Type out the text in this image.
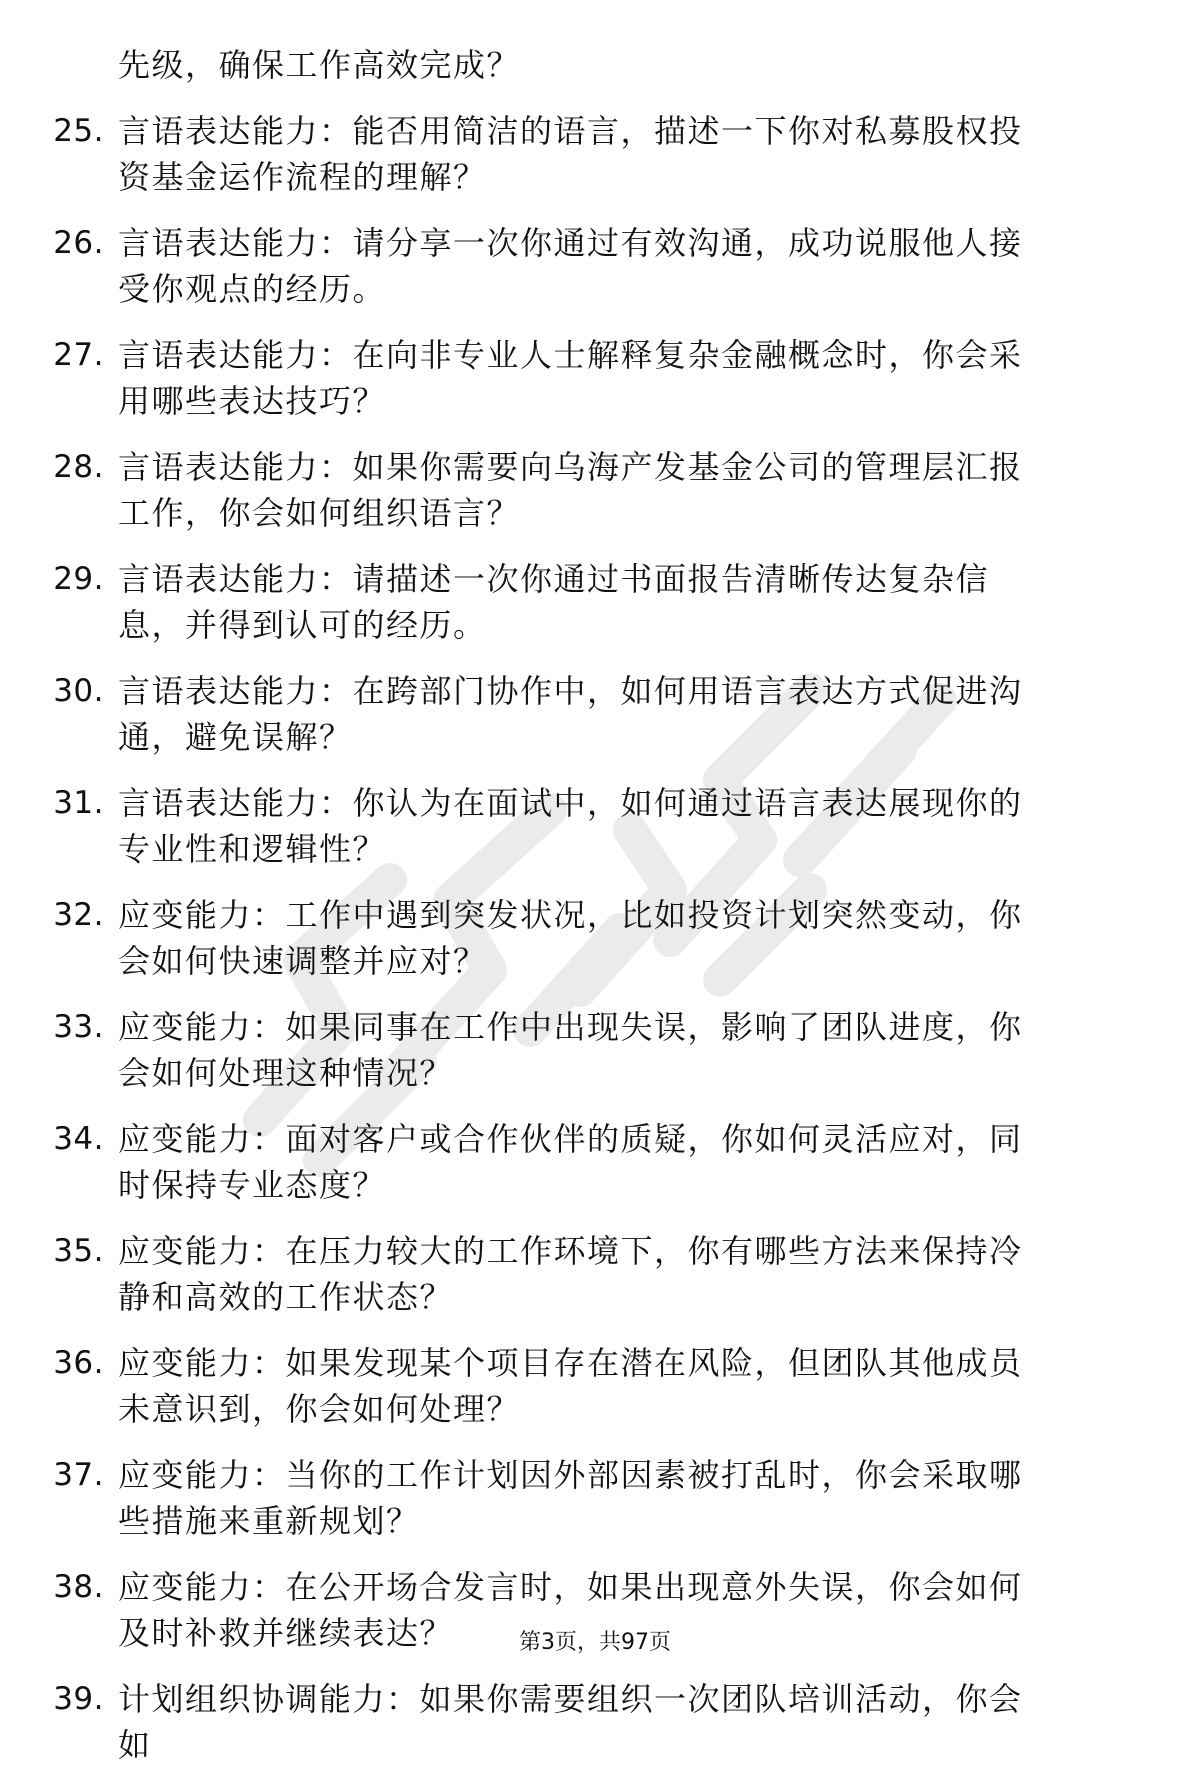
先级，确保工作高效完成？
25. 言语表达能力：能否用简洁的语言，描述一下你对私募股权投资基金运作流程的理解？
26. 言语表达能力：请分享一次你通过有效沟通，成功说服他人接受你观点的经历。
27. 言语表达能力：在向非专业人士解释复杂金融概念时，你会采用哪些表达技巧？
28. 言语表达能力：如果你需要向乌海产发基金公司的管理层汇报工作，你会如何组织语言？
29. 言语表达能力：请描述一次你通过书面报告清晰传达复杂信息，并得到认可的经历。
30. 言语表达能力：在跨部门协作中，如何用语言表达方式促进沟通，避免误解？
31. 言语表达能力：你认为在面试中，如何通过语言表达展现你的专业性和逻辑性？
32. 应变能力：工作中遇到突发状况，比如投资计划突然变动，你会如何快速调整并应对？
33. 应变能力：如果同事在工作中出现失误，影响了团队进度，你会如何处理这种情况？
34. 应变能力：面对客户或合作伙伴的质疑，你如何灵活应对，同时保持专业态度？
35. 应变能力：在压力较大的工作环境下，你有哪些方法来保持冷静和高效的工作状态？
36. 应变能力：如果发现某个项目存在潜在风险，但团队其他成员未意识到，你会如何处理？
37. 应变能力：当你的工作计划因外部因素被打乱时，你会采取哪些措施来重新规划？
38. 应变能力：在公开场合发言时，如果出现意外失误，你会如何及时补救并继续表达？
39. 计划组织协调能力：如果你需要组织一次团队培训活动，你会如
第3页，共97页
